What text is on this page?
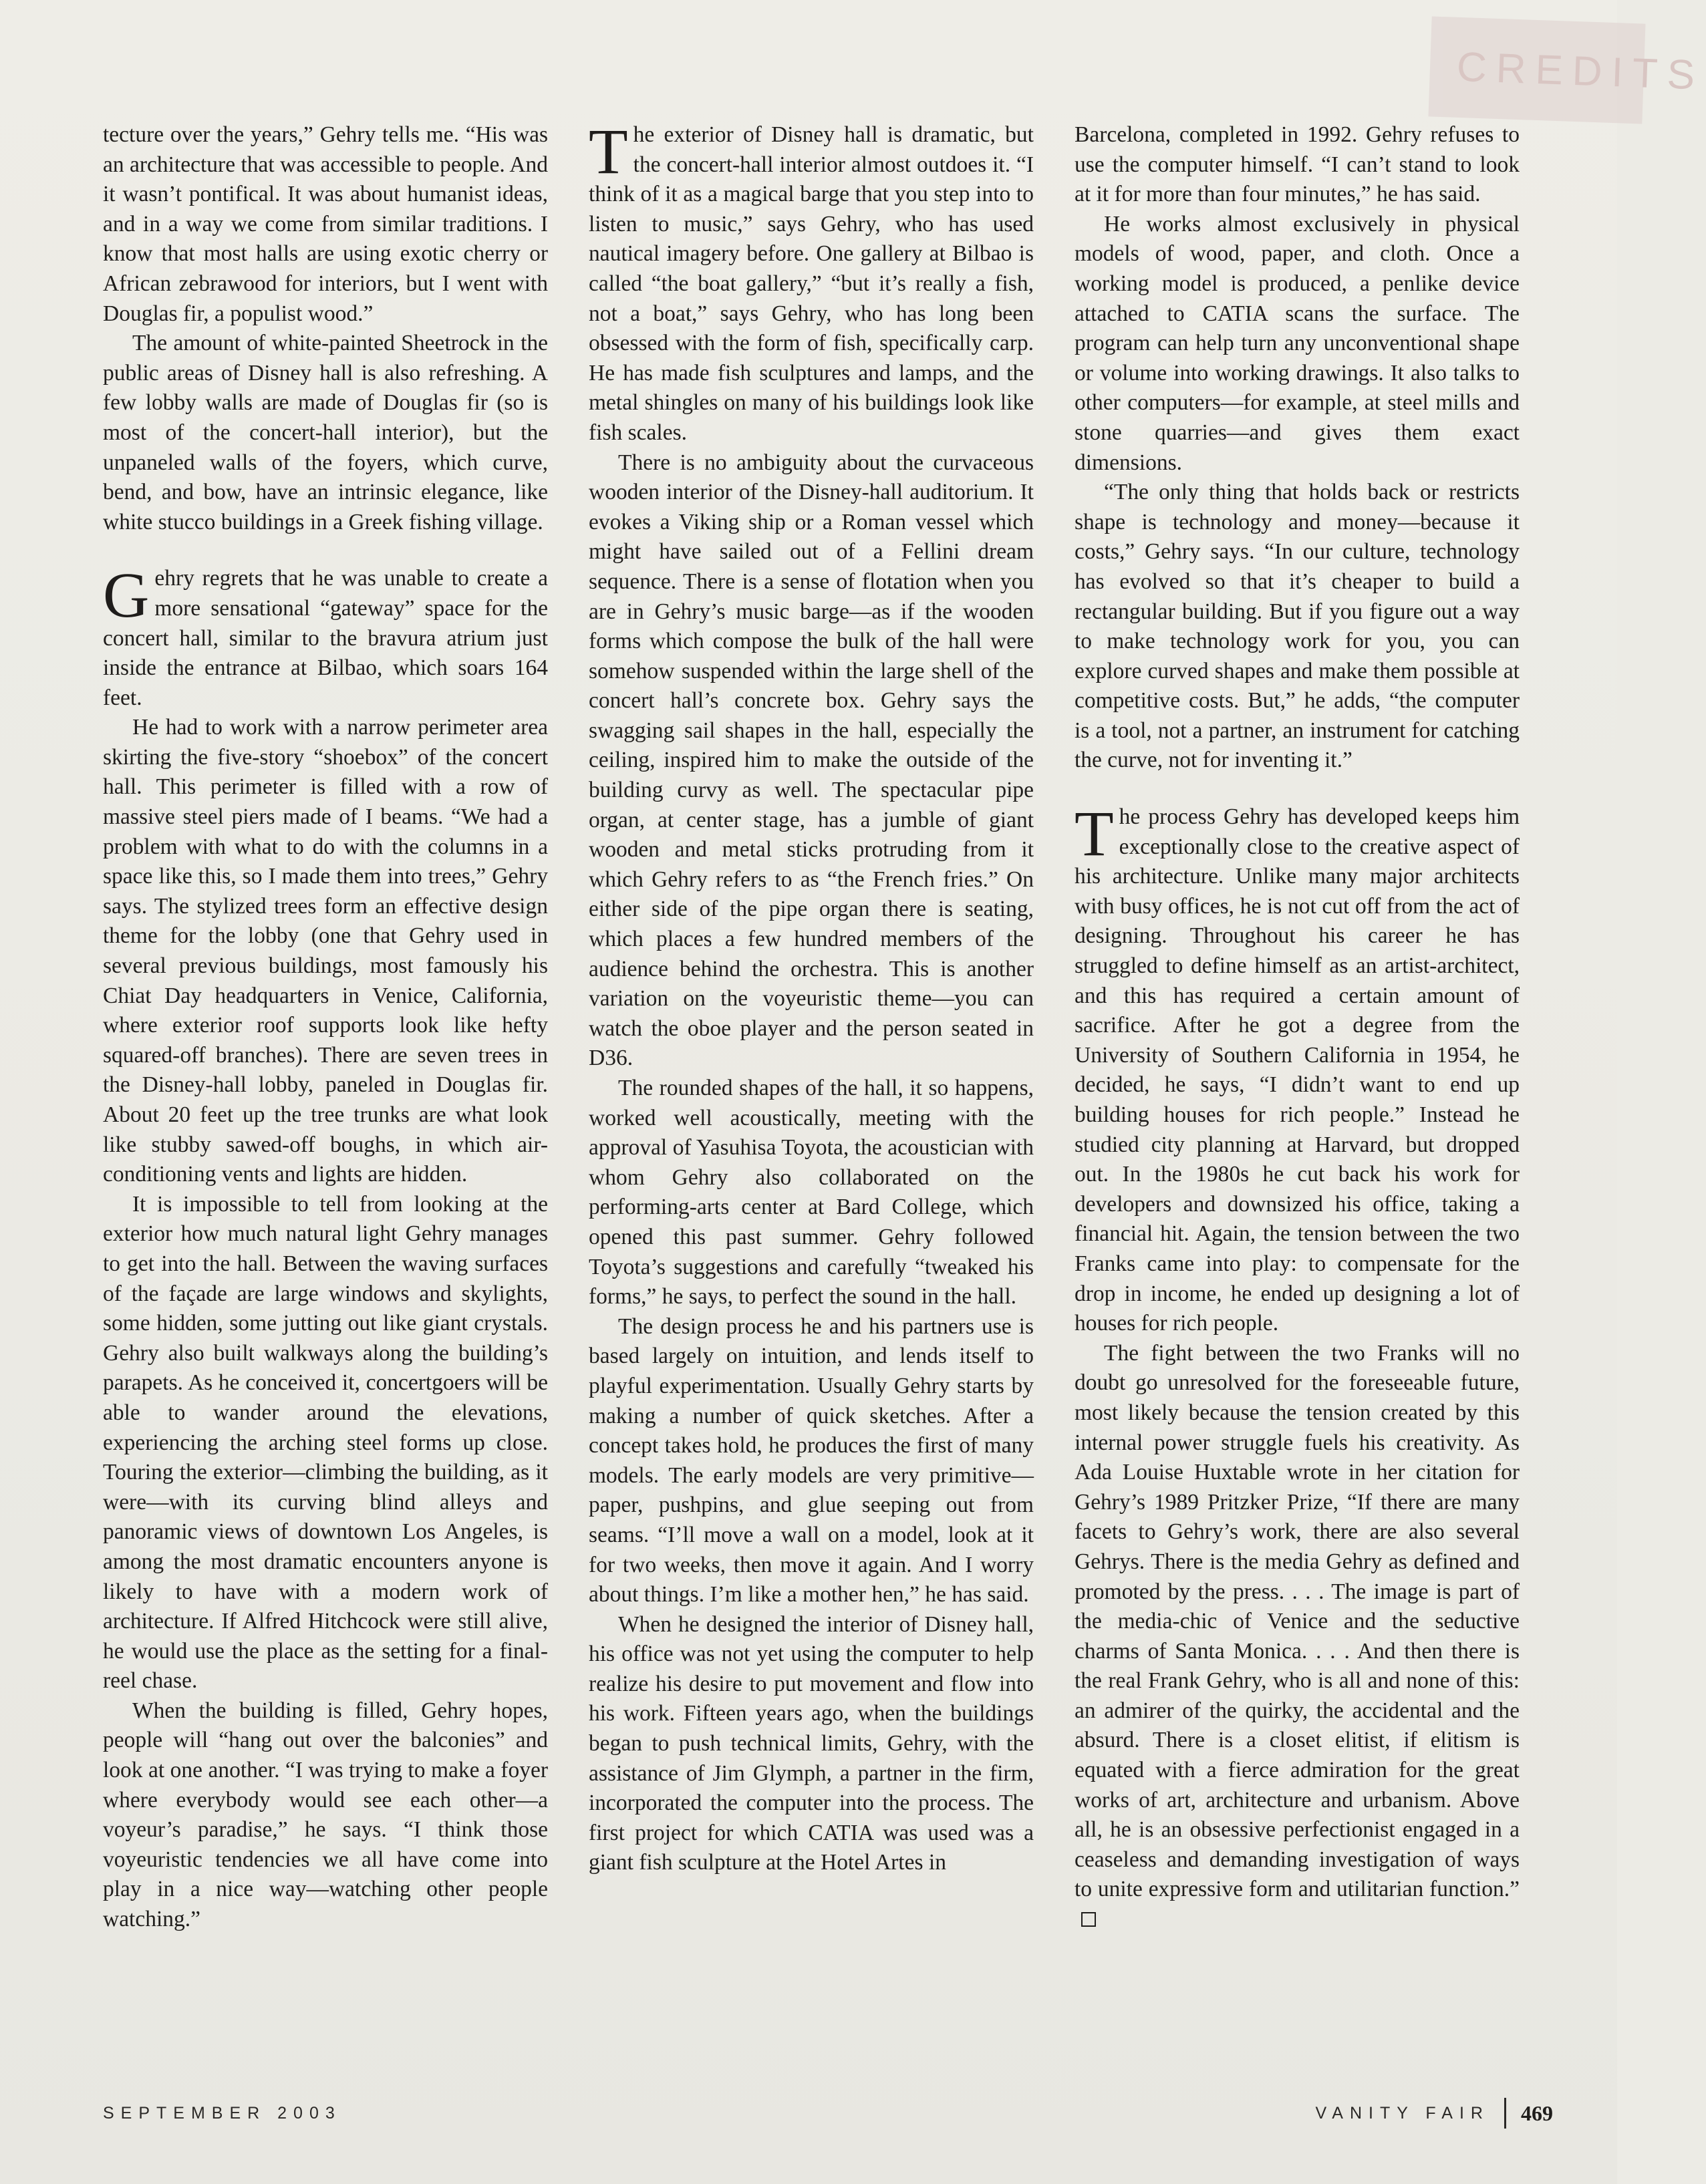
CREDITS

tecture over the years,” Gehry tells me. “His was an architecture that was accessible to people. And it wasn’t pontifical. It was about humanist ideas, and in a way we come from similar traditions. I know that most halls are using exotic cherry or African zebrawood for interiors, but I went with Douglas fir, a populist wood.”

The amount of white-painted Sheetrock in the public areas of Disney hall is also refreshing. A few lobby walls are made of Douglas fir (so is most of the concert-hall interior), but the unpaneled walls of the foyers, which curve, bend, and bow, have an intrinsic elegance, like white stucco buildings in a Greek fishing village.

Gehry regrets that he was unable to create a more sensational “gateway” space for the concert hall, similar to the bravura atrium just inside the entrance at Bilbao, which soars 164 feet.

He had to work with a narrow perimeter area skirting the five-story “shoebox” of the concert hall. This perimeter is filled with a row of massive steel piers made of I beams. “We had a problem with what to do with the columns in a space like this, so I made them into trees,” Gehry says. The stylized trees form an effective design theme for the lobby (one that Gehry used in several previous buildings, most famously his Chiat Day headquarters in Venice, California, where exterior roof supports look like hefty squared-off branches). There are seven trees in the Disney-hall lobby, paneled in Douglas fir. About 20 feet up the tree trunks are what look like stubby sawed-off boughs, in which air-conditioning vents and lights are hidden.

It is impossible to tell from looking at the exterior how much natural light Gehry manages to get into the hall. Between the waving surfaces of the façade are large windows and skylights, some hidden, some jutting out like giant crystals. Gehry also built walkways along the building’s parapets. As he conceived it, concertgoers will be able to wander around the elevations, experiencing the arching steel forms up close. Touring the exterior—climbing the building, as it were—with its curving blind alleys and panoramic views of downtown Los Angeles, is among the most dramatic encounters anyone is likely to have with a modern work of architecture. If Alfred Hitchcock were still alive, he would use the place as the setting for a final-reel chase.

When the building is filled, Gehry hopes, people will “hang out over the balconies” and look at one another. “I was trying to make a foyer where everybody would see each other—a voyeur’s paradise,” he says. “I think those voyeuristic tendencies we all have come into play in a nice way—watching other people watching.”

The exterior of Disney hall is dramatic, but the concert-hall interior almost outdoes it. “I think of it as a magical barge that you step into to listen to music,” says Gehry, who has used nautical imagery before. One gallery at Bilbao is called “the boat gallery,” “but it’s really a fish, not a boat,” says Gehry, who has long been obsessed with the form of fish, specifically carp. He has made fish sculptures and lamps, and the metal shingles on many of his buildings look like fish scales.

There is no ambiguity about the curvaceous wooden interior of the Disney-hall auditorium. It evokes a Viking ship or a Roman vessel which might have sailed out of a Fellini dream sequence. There is a sense of flotation when you are in Gehry’s music barge—as if the wooden forms which compose the bulk of the hall were somehow suspended within the large shell of the concert hall’s concrete box. Gehry says the swagging sail shapes in the hall, especially the ceiling, inspired him to make the outside of the building curvy as well. The spectacular pipe organ, at center stage, has a jumble of giant wooden and metal sticks protruding from it which Gehry refers to as “the French fries.” On either side of the pipe organ there is seating, which places a few hundred members of the audience behind the orchestra. This is another variation on the voyeuristic theme—you can watch the oboe player and the person seated in D36.

The rounded shapes of the hall, it so happens, worked well acoustically, meeting with the approval of Yasuhisa Toyota, the acoustician with whom Gehry also collaborated on the performing-arts center at Bard College, which opened this past summer. Gehry followed Toyota’s suggestions and carefully “tweaked his forms,” he says, to perfect the sound in the hall.

The design process he and his partners use is based largely on intuition, and lends itself to playful experimentation. Usually Gehry starts by making a number of quick sketches. After a concept takes hold, he produces the first of many models. The early models are very primitive—paper, pushpins, and glue seeping out from seams. “I’ll move a wall on a model, look at it for two weeks, then move it again. And I worry about things. I’m like a mother hen,” he has said.

When he designed the interior of Disney hall, his office was not yet using the computer to help realize his desire to put movement and flow into his work. Fifteen years ago, when the buildings began to push technical limits, Gehry, with the assistance of Jim Glymph, a partner in the firm, incorporated the computer into the process. The first project for which CATIA was used was a giant fish sculpture at the Hotel Artes in

Barcelona, completed in 1992. Gehry refuses to use the computer himself. “I can’t stand to look at it for more than four minutes,” he has said.

He works almost exclusively in physical models of wood, paper, and cloth. Once a working model is produced, a penlike device attached to CATIA scans the surface. The program can help turn any unconventional shape or volume into working drawings. It also talks to other computers—for example, at steel mills and stone quarries—and gives them exact dimensions.

“The only thing that holds back or restricts shape is technology and money—because it costs,” Gehry says. “In our culture, technology has evolved so that it’s cheaper to build a rectangular building. But if you figure out a way to make technology work for you, you can explore curved shapes and make them possible at competitive costs. But,” he adds, “the computer is a tool, not a partner, an instrument for catching the curve, not for inventing it.”

The process Gehry has developed keeps him exceptionally close to the creative aspect of his architecture. Unlike many major architects with busy offices, he is not cut off from the act of designing. Throughout his career he has struggled to define himself as an artist-architect, and this has required a certain amount of sacrifice. After he got a degree from the University of Southern California in 1954, he decided, he says, “I didn’t want to end up building houses for rich people.” Instead he studied city planning at Harvard, but dropped out. In the 1980s he cut back his work for developers and downsized his office, taking a financial hit. Again, the tension between the two Franks came into play: to compensate for the drop in income, he ended up designing a lot of houses for rich people.

The fight between the two Franks will no doubt go unresolved for the foreseeable future, most likely because the tension created by this internal power struggle fuels his creativity. As Ada Louise Huxtable wrote in her citation for Gehry’s 1989 Pritzker Prize, “If there are many facets to Gehry’s work, there are also several Gehrys. There is the media Gehry as defined and promoted by the press. . . . The image is part of the media-chic of Venice and the seductive charms of Santa Monica. . . . And then there is the real Frank Gehry, who is all and none of this: an admirer of the quirky, the accidental and the absurd. There is a closet elitist, if elitism is equated with a fierce admiration for the great works of art, architecture and urbanism. Above all, he is an obsessive perfectionist engaged in a ceaseless and demanding investigation of ways to unite expressive form and utilitarian function.”

SEPTEMBER 2003	VANITY FAIR 469
